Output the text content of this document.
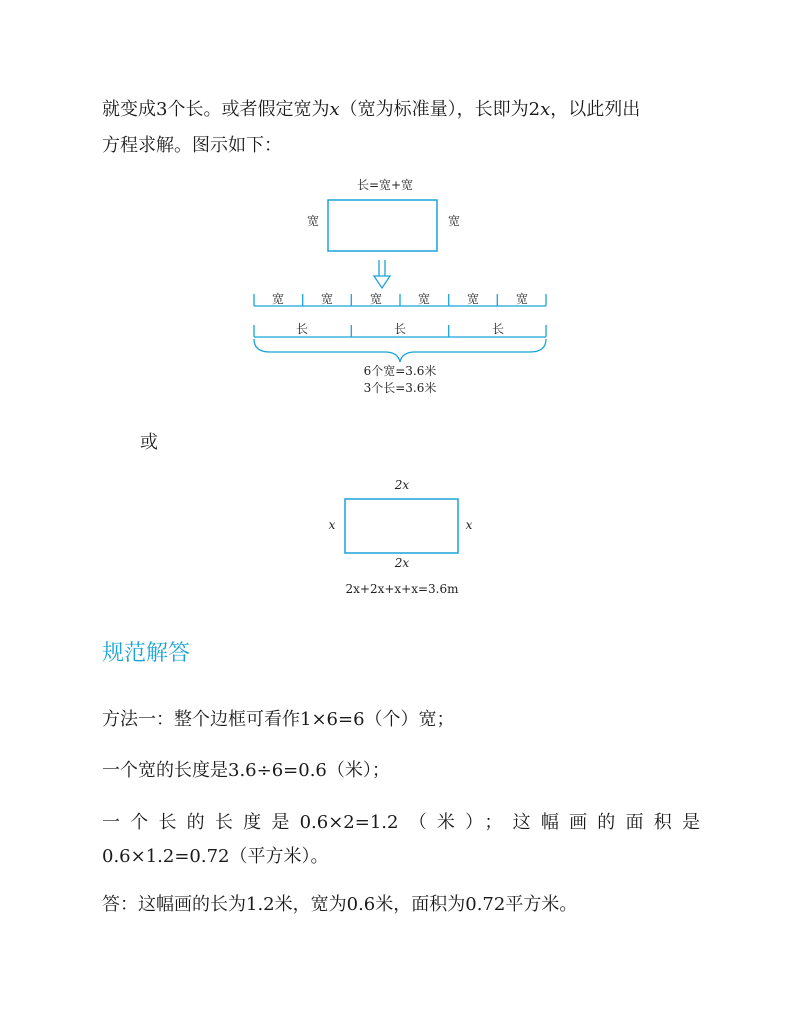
就变成3个长。或者假定宽为x（宽为标准量），长即为2x，以此列出
方程求解。图示如下：
长=宽+宽
宽	宽
宽	宽	宽	宽	宽	宽
长	长	长
6个宽=3.6米
3个长=3.6米
或
2x
x	x
2x
2x+2x+x+x=3.6m
规范解答
方法一：整个边框可看作1×6=6（个）宽；
一个宽的长度是3.6÷6=0.6（米）；
一个长的长度是0.6×2=1.2（米）；这幅画的面积是
0.6×1.2=0.72（平方米）。
答：这幅画的长为1.2米，宽为0.6米，面积为0.72平方米。
